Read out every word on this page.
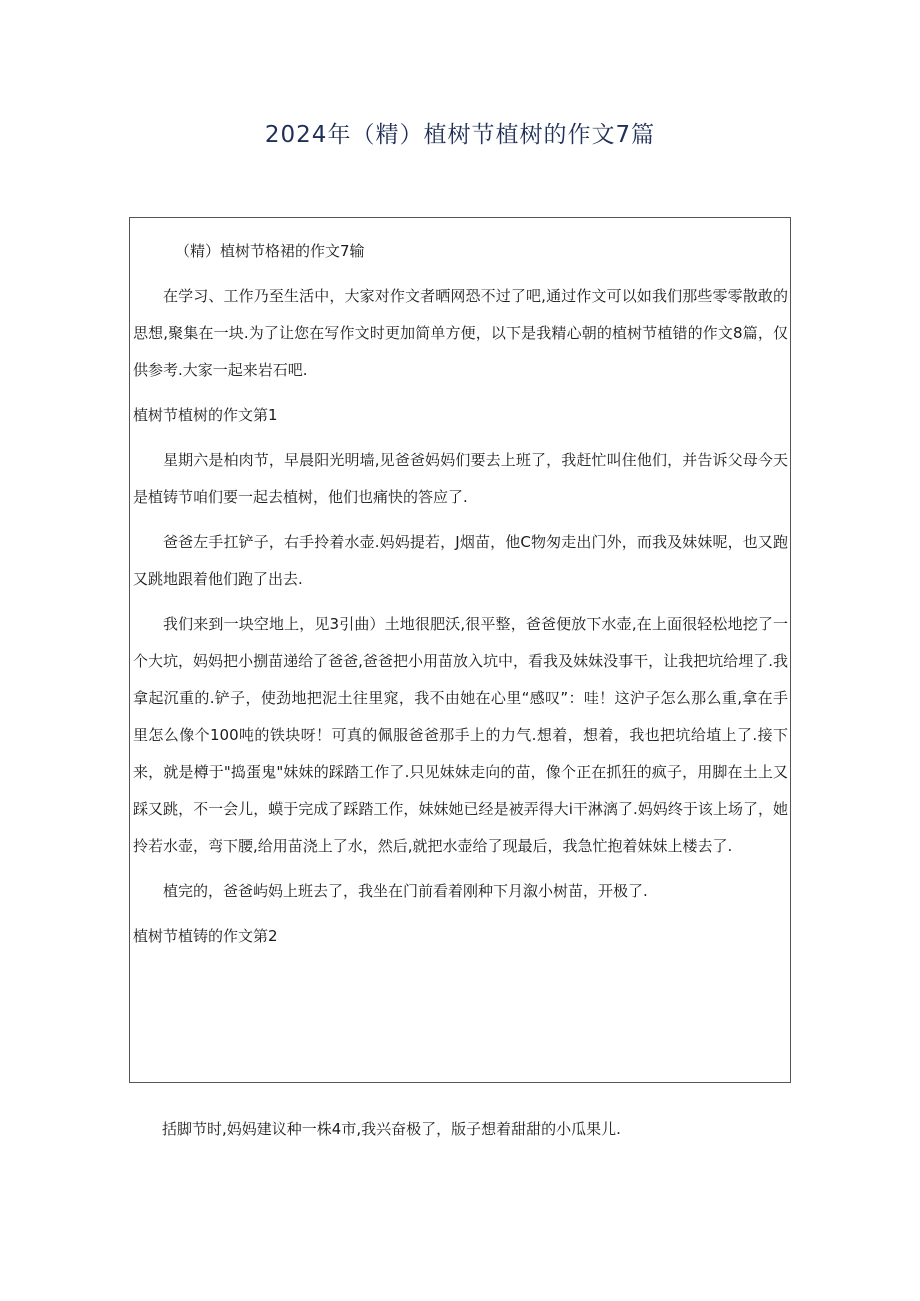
2024年（精）植树节植树的作文7篇

（精）植树节格裙的作文7输

在学习、工作乃至生活中，大家对作文者晒网恐不过了吧,通过作文可以如我们那些零零散敢的思想,聚集在一块.为了让您在写作文时更加简单方便，以下是我精心朝的植树节植错的作文8篇，仅供参考.大家一起来岩石吧.

植树节植树的作文第1

星期六是柏肉节，早晨阳光明墙,见爸爸妈妈们要去上班了，我赶忙叫住他们，并告诉父母今天是植铸节咱们要一起去植树，他们也痛快的答应了.

爸爸左手扛铲子，右手拎着水壶.妈妈提若，J烟苗，他C物匆走出门外，而我及妹妹呢，也又跑又跳地跟着他们跑了出去.

我们来到一块空地上，见3引曲）土地很肥沃,很平整，爸爸便放下水壶,在上面很轻松地挖了一个大坑，妈妈把小捌苗递给了爸爸,爸爸把小用苗放入坑中，看我及妹妹没事干，让我把坑给埋了.我拿起沉重的.铲子，使劲地把泥土往里窕，我不由她在心里“感叹”：哇！这沪子怎么那么重,拿在手里怎么像个100吨的铁块呀！可真的佩服爸爸那手上的力气.想着，想着，我也把坑给埴上了.接下来，就是樽于"捣蛋鬼"妹妹的踩踏工作了.只见妹妹走向的苗，像个正在抓狂的疯子，用脚在土上又踩又跳，不一会儿，蟆于完成了踩踏工作，妹妹她已经是被弄得大i干淋漓了.妈妈终于该上场了，她拎若水壶，弯下腰,给用苗浇上了水，然后,就把水壶给了现最后，我急忙抱着妹妹上楼去了.

植完的，爸爸屿妈上班去了，我坐在门前看着刚种下月溆小树苗，开极了.

植树节植铸的作文第2

括脚节时,妈妈建议种一株4市,我兴奋极了，版子想着甜甜的小瓜果儿.
